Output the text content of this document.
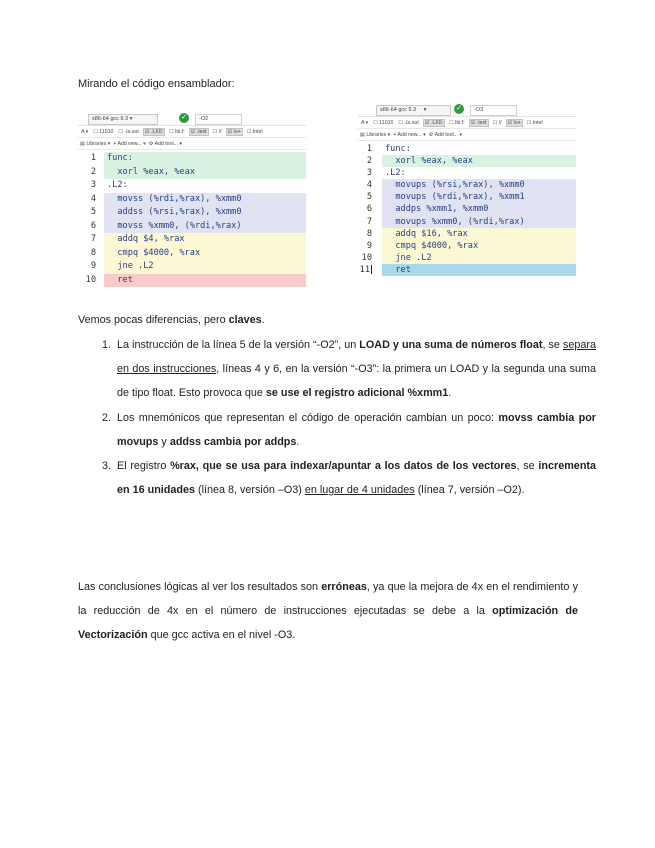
Mirando el código ensamblador:
x86-64 gcc 9.3 ▾	✓	-O2
A ▾ ☐ 11010 ☐ ./a.out	☑ .LX0:	☐ lib.f:	☑ .text	☐ //	☑ \s+	☐ Intel
▤ Libraries ▾ + Add new... ▾ ⚙ Add tool... ▾
1	func:
2	xorl %eax, %eax
3	.L2:
4	movss (%rdi,%rax), %xmm0
5	addss (%rsi,%rax), %xmm0
6	movss %xmm0, (%rdi,%rax)
7	addq $4, %rax
8	cmpq $4000, %rax
9	jne .L2
10	ret
x86-64 gcc 9.3 ▾	✓	-O3
A ▾ ☐ 11010 ☐ ./a.out	☑ .LX0:	☐ lib.f:	☑ .text	☐ //	☑ \s+	☐ Intel
▤ Libraries ▾ + Add new... ▾ ⚙ Add tool... ▾
1	func:
2	xorl %eax, %eax
3	.L2:
4	movups (%rsi,%rax), %xmm0
5	movups (%rdi,%rax), %xmm1
6	addps %xmm1, %xmm0
7	movups %xmm0, (%rdi,%rax)
8	addq $16, %rax
9	cmpq $4000, %rax
10	jne .L2
11	ret
Vemos pocas diferencias, pero claves.
1. La instrucción de la línea 5 de la versión “-O2”, un LOAD y una suma de números float, se separa en dos instrucciones, líneas 4 y 6, en la versión “-O3”: la primera un LOAD y la segunda una suma de tipo float. Esto provoca que se use el registro adicional %xmm1.
2. Los mnemónicos que representan el código de operación cambian un poco: movss cambia por movups y addss cambia por addps.
3. El registro %rax, que se usa para indexar/apuntar a los datos de los vectores, se incrementa en 16 unidades (línea 8, versión –O3) en lugar de 4 unidades (línea 7, versión –O2).
Las conclusiones lógicas al ver los resultados son erróneas, ya que la mejora de 4x en el rendimiento y la reducción de 4x en el número de instrucciones ejecutadas se debe a la optimización de Vectorización que gcc activa en el nivel -O3.
